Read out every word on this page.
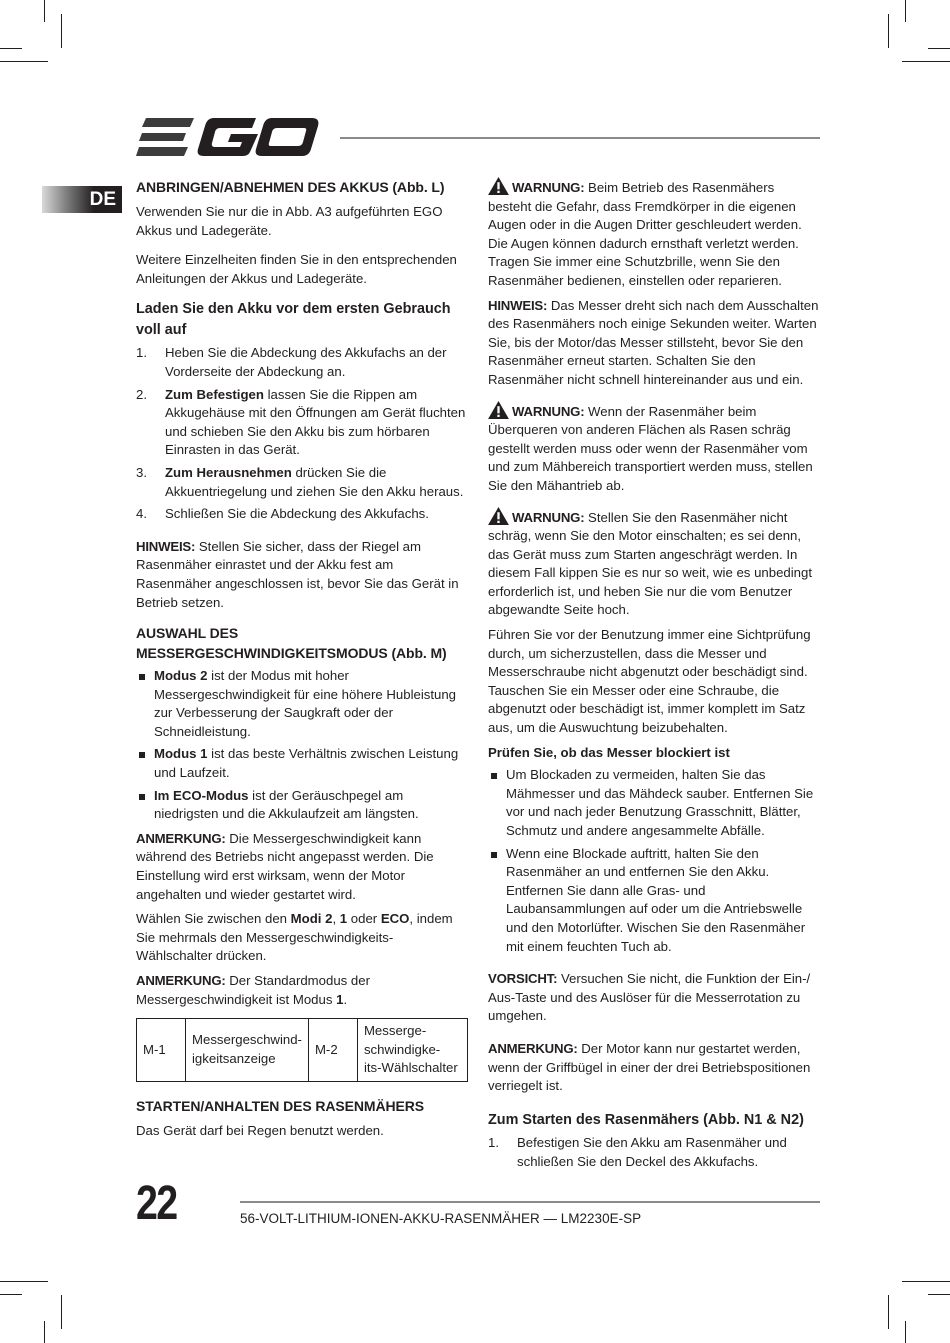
DE

ANBRINGEN/ABNEHMEN DES AKKUS (Abb. L)

Verwenden Sie nur die in Abb. A3 aufgeführten EGO Akkus und Ladegeräte.

Weitere Einzelheiten finden Sie in den entsprechenden Anleitungen der Akkus und Ladegeräte.

Laden Sie den Akku vor dem ersten Gebrauch voll auf

1. Heben Sie die Abdeckung des Akkufachs an der Vorderseite der Abdeckung an.
2. Zum Befestigen lassen Sie die Rippen am Akkugehäuse mit den Öffnungen am Gerät fluchten und schieben Sie den Akku bis zum hörbaren Einrasten in das Gerät.
3. Zum Herausnehmen drücken Sie die Akkuentriegelung und ziehen Sie den Akku heraus.
4. Schließen Sie die Abdeckung des Akkufachs.

HINWEIS: Stellen Sie sicher, dass der Riegel am Rasenmäher einrastet und der Akku fest am Rasenmäher angeschlossen ist, bevor Sie das Gerät in Betrieb setzen.

AUSWAHL DES MESSERGESCHWINDIGKEITSMODUS (Abb. M)

Modus 2 ist der Modus mit hoher Messergeschwindigkeit für eine höhere Hubleistung zur Verbesserung der Saugkraft oder der Schneidleistung.
Modus 1 ist das beste Verhältnis zwischen Leistung und Laufzeit.
Im ECO-Modus ist der Geräuschpegel am niedrigsten und die Akkulaufzeit am längsten.

ANMERKUNG: Die Messergeschwindigkeit kann während des Betriebs nicht angepasst werden. Die Einstellung wird erst wirksam, wenn der Motor angehalten und wieder gestartet wird.

Wählen Sie zwischen den Modi 2, 1 oder ECO, indem Sie mehrmals den Messergeschwindigkeits-Wählschalter drücken.

ANMERKUNG: Der Standardmodus der Messergeschwindigkeit ist Modus 1.

M-1	Messergeschwind-
igkeitsanzeige	M-2	Messerge-
schwindigke-
its-Wählschalter

STARTEN/ANHALTEN DES RASENMÄHERS

Das Gerät darf bei Regen benutzt werden.

WARNUNG: Beim Betrieb des Rasenmähers besteht die Gefahr, dass Fremdkörper in die eigenen Augen oder in die Augen Dritter geschleudert werden. Die Augen können dadurch ernsthaft verletzt werden. Tragen Sie immer eine Schutzbrille, wenn Sie den Rasenmäher bedienen, einstellen oder reparieren.

HINWEIS: Das Messer dreht sich nach dem Ausschalten des Rasenmähers noch einige Sekunden weiter. Warten Sie, bis der Motor/das Messer stillsteht, bevor Sie den Rasenmäher erneut starten. Schalten Sie den Rasenmäher nicht schnell hintereinander aus und ein.

WARNUNG: Wenn der Rasenmäher beim Überqueren von anderen Flächen als Rasen schräg gestellt werden muss oder wenn der Rasenmäher vom und zum Mähbereich transportiert werden muss, stellen Sie den Mähantrieb ab.

WARNUNG: Stellen Sie den Rasenmäher nicht schräg, wenn Sie den Motor einschalten; es sei denn, das Gerät muss zum Starten angeschrägt werden. In diesem Fall kippen Sie es nur so weit, wie es unbedingt erforderlich ist, und heben Sie nur die vom Benutzer abgewandte Seite hoch.

Führen Sie vor der Benutzung immer eine Sichtprüfung durch, um sicherzustellen, dass die Messer und Messerschraube nicht abgenutzt oder beschädigt sind. Tauschen Sie ein Messer oder eine Schraube, die abgenutzt oder beschädigt ist, immer komplett im Satz aus, um die Auswuchtung beizubehalten.

Prüfen Sie, ob das Messer blockiert ist

Um Blockaden zu vermeiden, halten Sie das Mähmesser und das Mähdeck sauber. Entfernen Sie vor und nach jeder Benutzung Grasschnitt, Blätter, Schmutz und andere angesammelte Abfälle.
Wenn eine Blockade auftritt, halten Sie den Rasenmäher an und entfernen Sie den Akku. Entfernen Sie dann alle Gras- und Laubansammlungen auf oder um die Antriebswelle und den Motorlüfter. Wischen Sie den Rasenmäher mit einem feuchten Tuch ab.

VORSICHT: Versuchen Sie nicht, die Funktion der Ein-/ Aus-Taste und des Auslöser für die Messerrotation zu umgehen.

ANMERKUNG: Der Motor kann nur gestartet werden, wenn der Griffbügel in einer der drei Betriebspositionen verriegelt ist.

Zum Starten des Rasenmähers (Abb. N1 & N2)

1. Befestigen Sie den Akku am Rasenmäher und schließen Sie den Deckel des Akkufachs.
22	56-VOLT-LITHIUM-IONEN-AKKU-RASENMÄHER — LM2230E-SP
